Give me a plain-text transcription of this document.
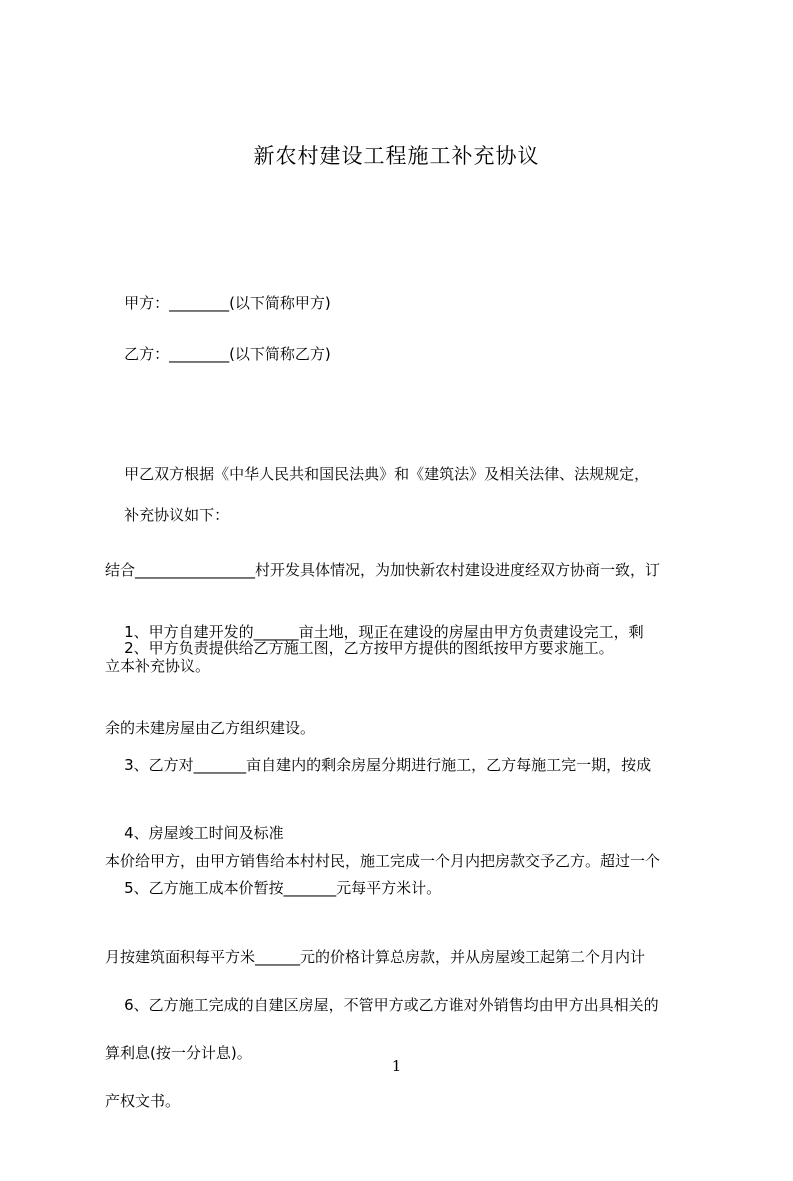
新农村建设工程施工补充协议
甲方：________(以下简称甲方)
乙方：________(以下简称乙方)

甲乙双方根据《中华人民共和国民法典》和《建筑法》及相关法律、法规规定，

结合________________村开发具体情况，为加快新农村建设进度经双方协商一致，订

立本补充协议。

补充协议如下：

1、甲方自建开发的______亩土地，现正在建设的房屋由甲方负责建设完工，剩

余的未建房屋由乙方组织建设。

2、甲方负责提供给乙方施工图，乙方按甲方提供的图纸按甲方要求施工。

3、乙方对_______亩自建内的剩余房屋分期进行施工，乙方每施工完一期，按成

本价给甲方，由甲方销售给本村村民，施工完成一个月内把房款交予乙方。超过一个

月按建筑面积每平方米______元的价格计算总房款，并从房屋竣工起第二个月内计

算利息(按一分计息)。

4、房屋竣工时间及标准
5、乙方施工成本价暂按_______元每平方米计。

6、乙方施工完成的自建区房屋，不管甲方或乙方谁对外销售均由甲方出具相关的

产权文书。

1
